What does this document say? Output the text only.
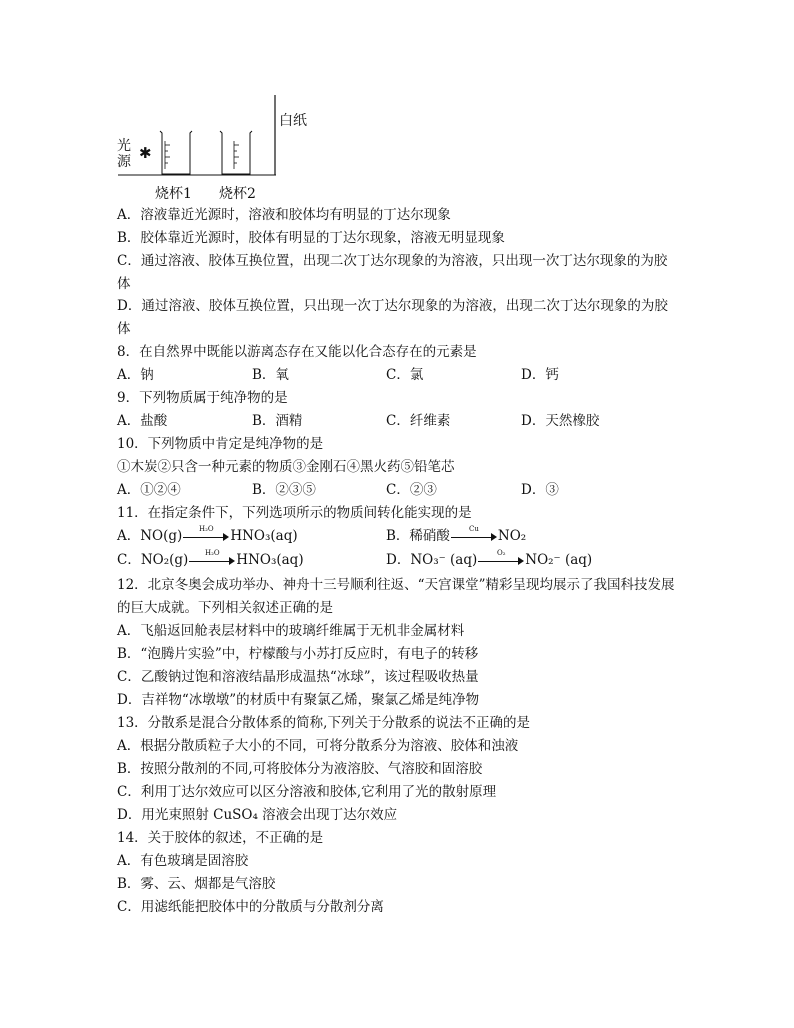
光
源 ✱
白纸
烧杯1 烧杯2
A．溶液靠近光源时，溶液和胶体均有明显的丁达尔现象
B．胶体靠近光源时，胶体有明显的丁达尔现象，溶液无明显现象
C．通过溶液、胶体互换位置，出现二次丁达尔现象的为溶液，只出现一次丁达尔现象的为胶
体
D．通过溶液、胶体互换位置，只出现一次丁达尔现象的为溶液，出现二次丁达尔现象的为胶
体
8．在自然界中既能以游离态存在又能以化合态存在的元素是
A．钠	B．氧	C．氯	D．钙
9．下列物质属于纯净物的是
A．盐酸	B．酒精	C．纤维素	D．天然橡胶
10．下列物质中肯定是纯净物的是
①木炭②只含一种元素的物质③金刚石④黑火药⑤铅笔芯
A．①②④	B．②③⑤	C．②③	D．③
11．在指定条件下，下列选项所示的物质间转化能实现的是
A．NO(g)	H₂O	HNO₃(aq)	B．稀硝酸	Cu	NO₂
C．NO₂(g)	H₂O	HNO₃(aq)	D．NO₃⁻ (aq)	O₂	NO₂⁻ (aq)
12．北京冬奥会成功举办、神舟十三号顺利往返、“天宫课堂”精彩呈现均展示了我国科技发展
的巨大成就。下列相关叙述正确的是
A．飞船返回舱表层材料中的玻璃纤维属于无机非金属材料
B．“泡腾片实验”中，柠檬酸与小苏打反应时，有电子的转移
C．乙酸钠过饱和溶液结晶形成温热“冰球”，该过程吸收热量
D．吉祥物“冰墩墩”的材质中有聚氯乙烯，聚氯乙烯是纯净物
13．分散系是混合分散体系的简称,下列关于分散系的说法不正确的是
A．根据分散质粒子大小的不同，可将分散系分为溶液、胶体和浊液
B．按照分散剂的不同,可将胶体分为液溶胶、气溶胶和固溶胶
C．利用丁达尔效应可以区分溶液和胶体,它利用了光的散射原理
D．用光束照射 CuSO₄ 溶液会出现丁达尔效应
14．关于胶体的叙述，不正确的是
A．有色玻璃是固溶胶
B．雾、云、烟都是气溶胶
C．用滤纸能把胶体中的分散质与分散剂分离
